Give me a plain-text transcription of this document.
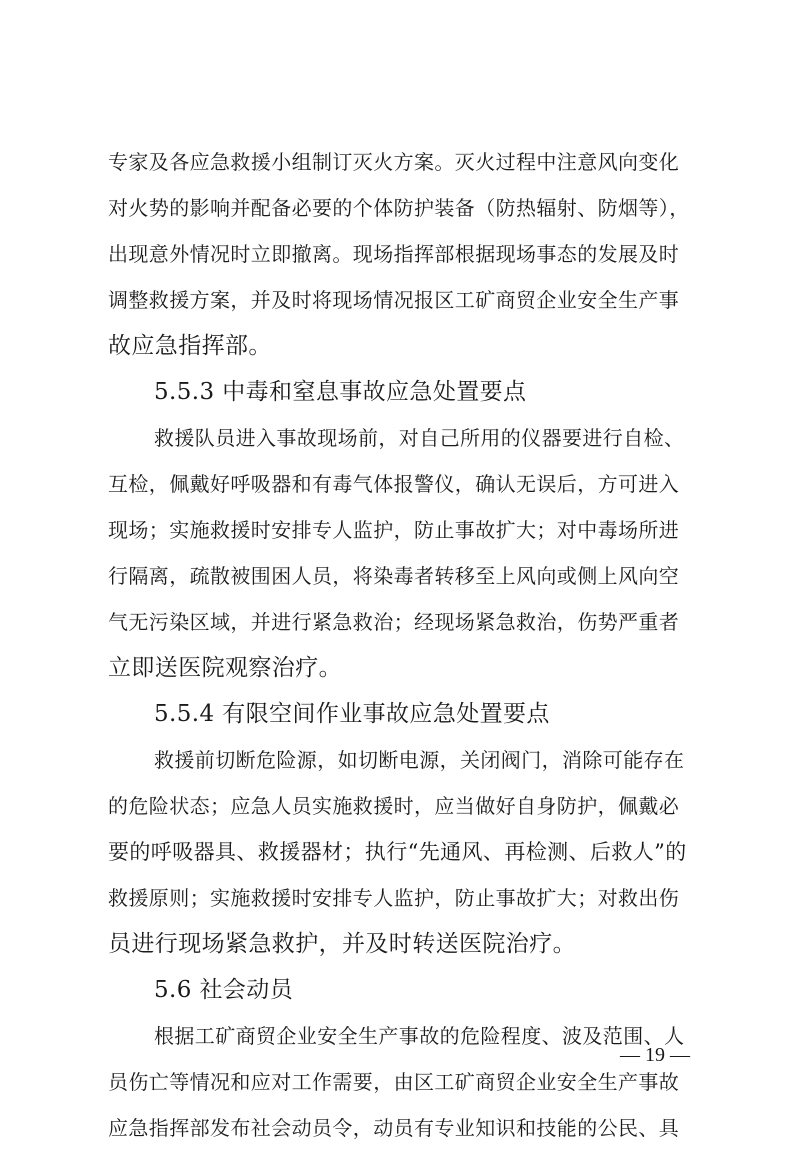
专家及各应急救援小组制订灭火方案。灭火过程中注意风向变化
对火势的影响并配备必要的个体防护装备（防热辐射、防烟等），
出现意外情况时立即撤离。现场指挥部根据现场事态的发展及时
调整救援方案，并及时将现场情况报区工矿商贸企业安全生产事
故应急指挥部。
5.5.3 中毒和窒息事故应急处置要点
救援队员进入事故现场前，对自己所用的仪器要进行自检、
互检，佩戴好呼吸器和有毒气体报警仪，确认无误后，方可进入
现场；实施救援时安排专人监护，防止事故扩大；对中毒场所进
行隔离，疏散被围困人员，将染毒者转移至上风向或侧上风向空
气无污染区域，并进行紧急救治；经现场紧急救治，伤势严重者
立即送医院观察治疗。
5.5.4 有限空间作业事故应急处置要点
救援前切断危险源，如切断电源，关闭阀门，消除可能存在
的危险状态；应急人员实施救援时，应当做好自身防护，佩戴必
要的呼吸器具、救援器材；执行“先通风、再检测、后救人”的
救援原则；实施救援时安排专人监护，防止事故扩大；对救出伤
员进行现场紧急救护，并及时转送医院治疗。
5.6 社会动员
根据工矿商贸企业安全生产事故的危险程度、波及范围、人
员伤亡等情况和应对工作需要，由区工矿商贸企业安全生产事故
应急指挥部发布社会动员令，动员有专业知识和技能的公民、具
— 19 —
